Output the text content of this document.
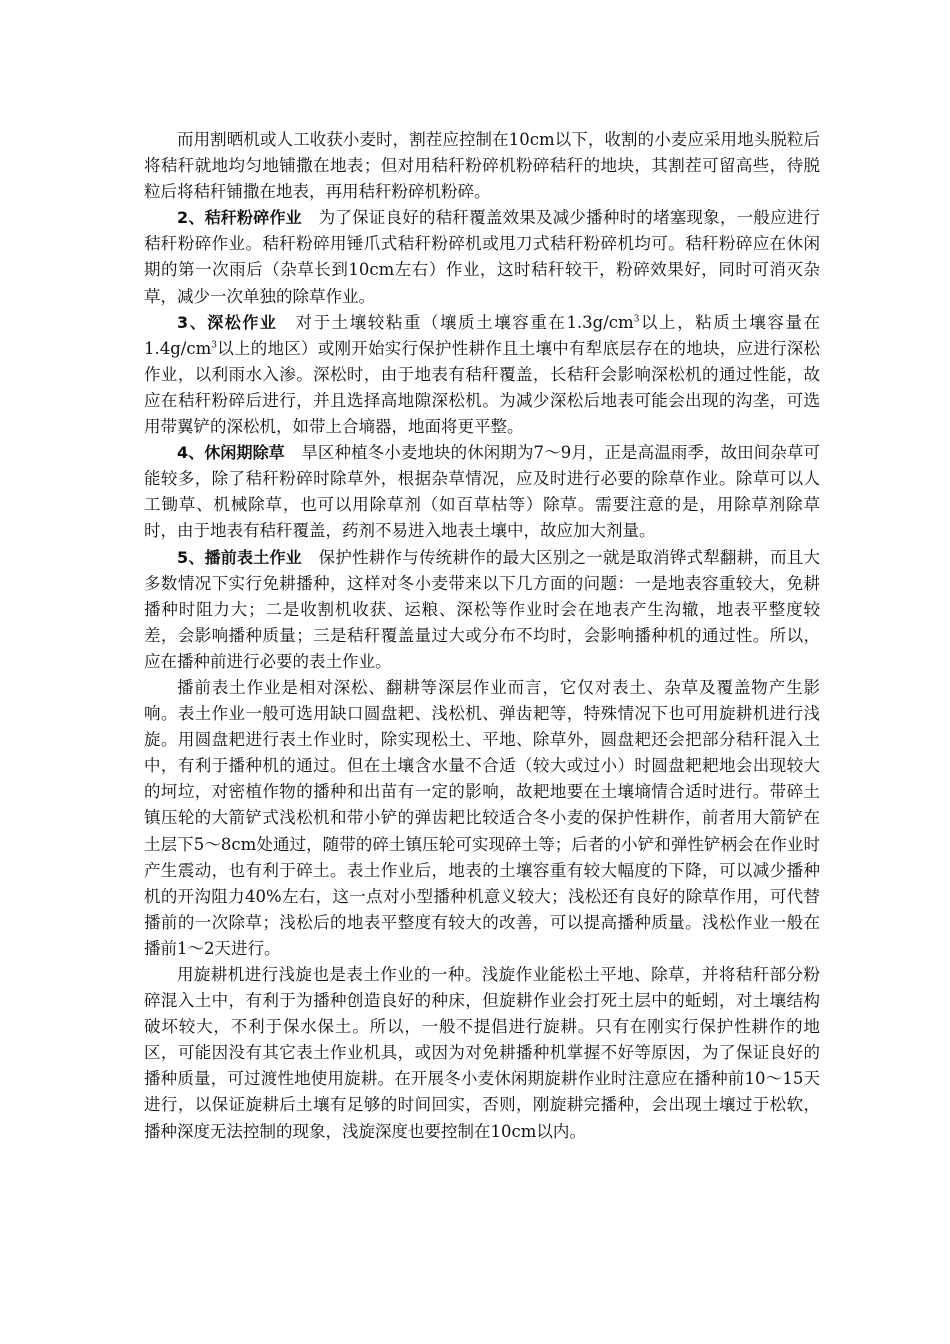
而用割晒机或人工收获小麦时，割茬应控制在10cm以下，收割的小麦应采用地头脱粒后将秸秆就地均匀地铺撒在地表；但对用秸秆粉碎机粉碎秸秆的地块，其割茬可留高些，待脱粒后将秸秆铺撒在地表，再用秸秆粉碎机粉碎。

2、秸秆粉碎作业 为了保证良好的秸秆覆盖效果及减少播种时的堵塞现象，一般应进行秸秆粉碎作业。秸秆粉碎用锤爪式秸秆粉碎机或甩刀式秸秆粉碎机均可。秸秆粉碎应在休闲期的第一次雨后（杂草长到10cm左右）作业，这时秸秆较干，粉碎效果好，同时可消灭杂草，减少一次单独的除草作业。

3、深松作业 对于土壤较粘重（壤质土壤容重在$1.3g/cm^3$以上，粘质土壤容量在$1.4g/cm^3$以上的地区）或刚开始实行保护性耕作且土壤中有犁底层存在的地块，应进行深松作业，以利雨水入渗。深松时，由于地表有秸秆覆盖，长秸秆会影响深松机的通过性能，故应在秸秆粉碎后进行，并且选择高地隙深松机。为减少深松后地表可能会出现的沟垄，可选用带翼铲的深松机，如带上合墒器，地面将更平整。

4、休闲期除草 旱区种植冬小麦地块的休闲期为7～9月，正是高温雨季，故田间杂草可能较多，除了秸秆粉碎时除草外，根据杂草情况，应及时进行必要的除草作业。除草可以人工锄草、机械除草，也可以用除草剂（如百草枯等）除草。需要注意的是，用除草剂除草时，由于地表有秸秆覆盖，药剂不易进入地表土壤中，故应加大剂量。

5、播前表土作业 保护性耕作与传统耕作的最大区别之一就是取消铧式犁翻耕，而且大多数情况下实行免耕播种，这样对冬小麦带来以下几方面的问题：一是地表容重较大，免耕播种时阻力大；二是收割机收获、运粮、深松等作业时会在地表产生沟辙，地表平整度较差，会影响播种质量；三是秸秆覆盖量过大或分布不均时，会影响播种机的通过性。所以，应在播种前进行必要的表土作业。

播前表土作业是相对深松、翻耕等深层作业而言，它仅对表土、杂草及覆盖物产生影响。表土作业一般可选用缺口圆盘耙、浅松机、弹齿耙等，特殊情况下也可用旋耕机进行浅旋。用圆盘耙进行表土作业时，除实现松土、平地、除草外，圆盘耙还会把部分秸秆混入土中，有利于播种机的通过。但在土壤含水量不合适（较大或过小）时圆盘耙耙地会出现较大的坷垃，对密植作物的播种和出苗有一定的影响，故耙地要在土壤墒情合适时进行。带碎土镇压轮的大箭铲式浅松机和带小铲的弹齿耙比较适合冬小麦的保护性耕作，前者用大箭铲在土层下5～8cm处通过，随带的碎土镇压轮可实现碎土等；后者的小铲和弹性铲柄会在作业时产生震动，也有利于碎土。表土作业后，地表的土壤容重有较大幅度的下降，可以减少播种机的开沟阻力40%左右，这一点对小型播种机意义较大；浅松还有良好的除草作用，可代替播前的一次除草；浅松后的地表平整度有较大的改善，可以提高播种质量。浅松作业一般在播前1～2天进行。

用旋耕机进行浅旋也是表土作业的一种。浅旋作业能松土平地、除草，并将秸秆部分粉碎混入土中，有利于为播种创造良好的种床，但旋耕作业会打死土层中的蚯蚓，对土壤结构破坏较大，不利于保水保土。所以，一般不提倡进行旋耕。只有在刚实行保护性耕作的地区，可能因没有其它表土作业机具，或因为对免耕播种机掌握不好等原因，为了保证良好的播种质量，可过渡性地使用旋耕。在开展冬小麦休闲期旋耕作业时注意应在播种前10～15天进行，以保证旋耕后土壤有足够的时间回实，否则，刚旋耕完播种，会出现土壤过于松软，播种深度无法控制的现象，浅旋深度也要控制在10cm以内。
